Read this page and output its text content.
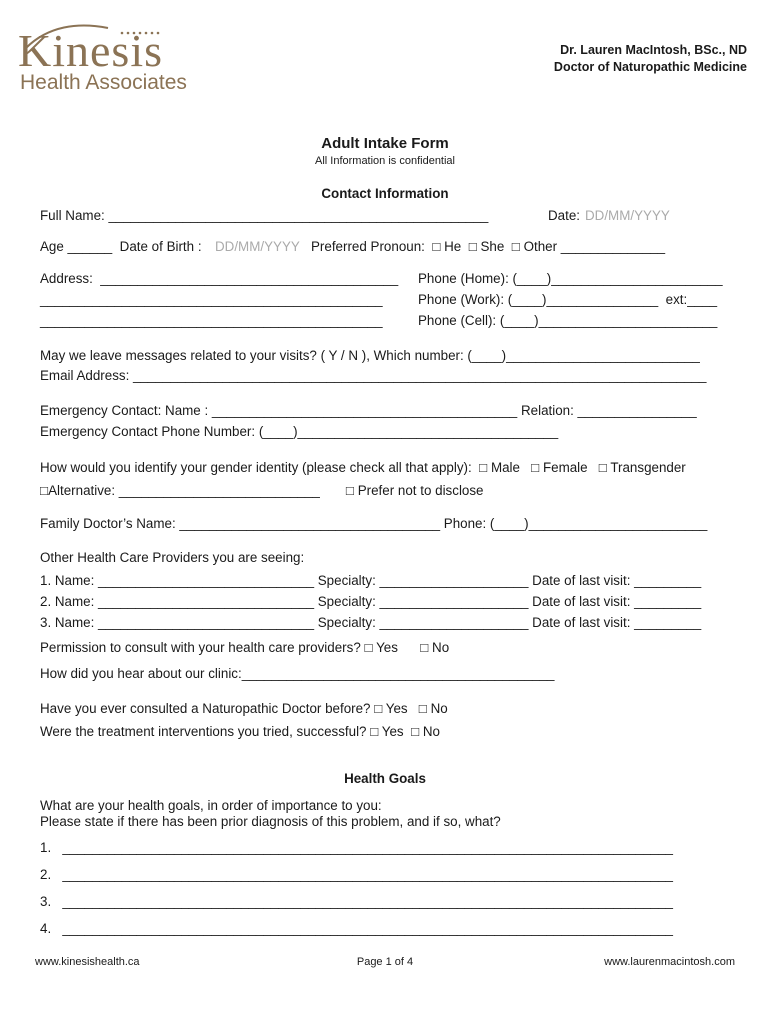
Kinesis
Health Associates
Dr. Lauren MacIntosh, BSc., ND
Doctor of Naturopathic Medicine
Adult Intake Form
All Information is confidential
Contact Information
Full Name: ___________________________________________________	Date: DD/MM/YYYY
Age ______  Date of Birth : DD/MM/YYYY Preferred Pronoun:  □ He  □ She  □ Other ______________
Address:  ________________________________________
______________________________________________
______________________________________________
Phone (Home): (____)_______________________
Phone (Work): (____)_______________  ext:____
Phone (Cell): (____)________________________
May we leave messages related to your visits? ( Y / N ), Which number: (____)__________________________
Email Address: _____________________________________________________________________________
Emergency Contact: Name : _________________________________________ Relation: ________________
Emergency Contact Phone Number: (____)___________________________________
How would you identify your gender identity (please check all that apply):  □ Male   □ Female   □ Transgender
□Alternative: ___________________________       □ Prefer not to disclose
Family Doctor’s Name: ___________________________________ Phone: (____)________________________
Other Health Care Providers you are seeing:
1. Name: _____________________________ Specialty: ____________________ Date of last visit: _________
2. Name: _____________________________ Specialty: ____________________ Date of last visit: _________
3. Name: _____________________________ Specialty: ____________________ Date of last visit: _________
Permission to consult with your health care providers? □ Yes      □ No
How did you hear about our clinic:__________________________________________
Have you ever consulted a Naturopathic Doctor before? □ Yes   □ No
Were the treatment interventions you tried, successful? □ Yes  □ No
Health Goals
What are your health goals, in order of importance to you:
Please state if there has been prior diagnosis of this problem, and if so, what?
1.   __________________________________________________________________________________
2.   __________________________________________________________________________________
3.   __________________________________________________________________________________
4.   __________________________________________________________________________________
www.kinesishealth.ca	Page 1 of 4	www.laurenmacintosh.com
